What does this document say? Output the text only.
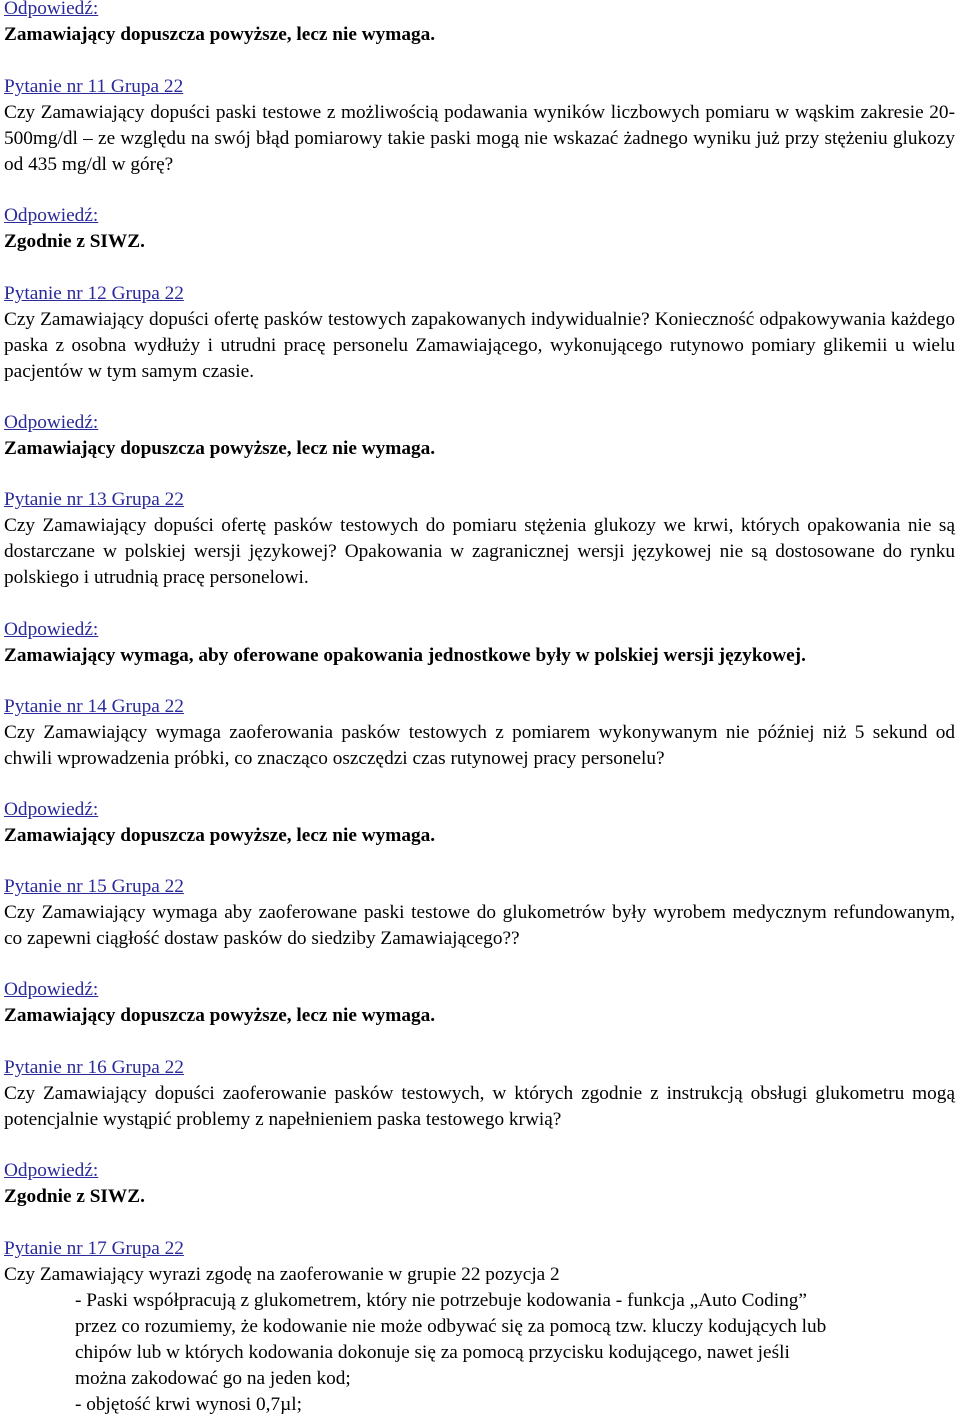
Odpowiedź:
Zamawiający dopuszcza powyższe, lecz nie wymaga.
Pytanie nr 11 Grupa 22
Czy Zamawiający dopuści paski testowe z możliwością podawania wyników liczbowych pomiaru w wąskim zakresie 20-500mg/dl – ze względu na swój błąd pomiarowy takie paski mogą nie wskazać żadnego wyniku już przy stężeniu glukozy od 435 mg/dl w górę?
Odpowiedź:
Zgodnie z SIWZ.
Pytanie nr 12 Grupa 22
Czy Zamawiający dopuści ofertę pasków testowych zapakowanych indywidualnie? Konieczność odpakowywania każdego paska z osobna wydłuży i utrudni pracę personelu Zamawiającego, wykonującego rutynowo pomiary glikemii u wielu pacjentów w tym samym czasie.
Odpowiedź:
Zamawiający dopuszcza powyższe, lecz nie wymaga.
Pytanie nr 13 Grupa 22
Czy Zamawiający dopuści ofertę pasków testowych do pomiaru stężenia glukozy we krwi, których opakowania nie są dostarczane w polskiej wersji językowej? Opakowania w zagranicznej wersji językowej nie są dostosowane do rynku polskiego i utrudnią pracę personelowi.
Odpowiedź:
Zamawiający wymaga, aby oferowane opakowania jednostkowe były w polskiej wersji językowej.
Pytanie nr 14 Grupa 22
Czy Zamawiający wymaga zaoferowania pasków testowych z pomiarem wykonywanym nie później niż 5 sekund od chwili wprowadzenia próbki, co znacząco oszczędzi czas rutynowej pracy personelu?
Odpowiedź:
Zamawiający dopuszcza powyższe, lecz nie wymaga.
Pytanie nr 15 Grupa 22
Czy Zamawiający wymaga aby zaoferowane paski testowe do glukometrów były wyrobem medycznym refundowanym, co zapewni ciągłość dostaw pasków do siedziby Zamawiającego??
Odpowiedź:
Zamawiający dopuszcza powyższe, lecz nie wymaga.
Pytanie nr 16 Grupa 22
Czy Zamawiający dopuści zaoferowanie pasków testowych, w których zgodnie z instrukcją obsługi glukometru mogą potencjalnie wystąpić problemy z napełnieniem paska testowego krwią?
Odpowiedź:
Zgodnie z SIWZ.
Pytanie nr 17 Grupa 22
Czy Zamawiający wyrazi zgodę na zaoferowanie w grupie 22 pozycja 2
- Paski współpracują z glukometrem, który nie potrzebuje kodowania - funkcja „Auto Coding”
przez co rozumiemy, że kodowanie nie może odbywać się za pomocą tzw. kluczy kodujących lub
chipów lub w których kodowania dokonuje się za pomocą przycisku kodującego, nawet jeśli
można zakodować go na jeden kod;
- objętość krwi wynosi 0,7µl;
